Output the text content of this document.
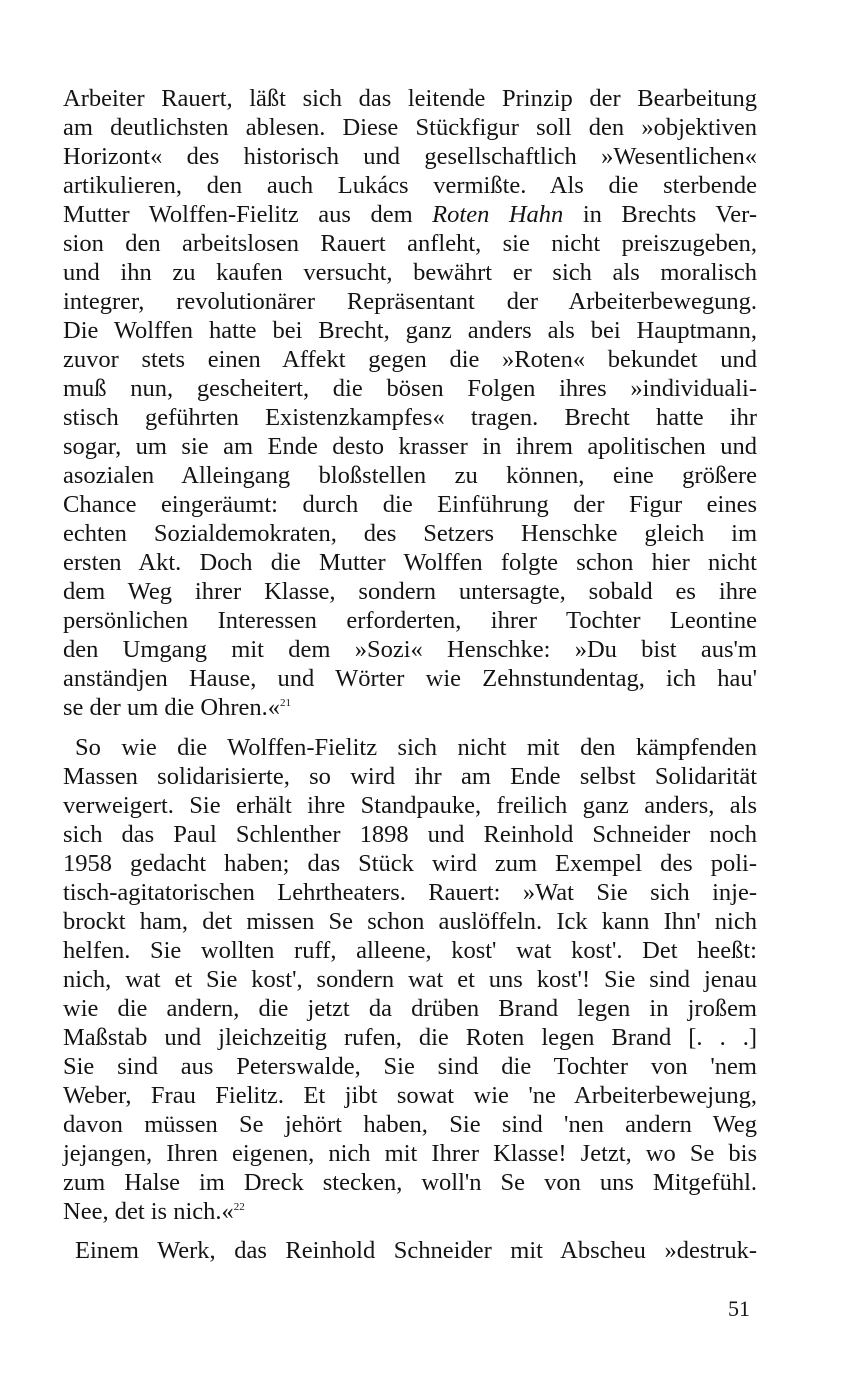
Arbeiter Rauert, läßt sich das leitende Prinzip der Bearbeitung
am deutlichsten ablesen. Diese Stückfigur soll den »objektiven
Horizont« des historisch und gesellschaftlich »Wesentlichen«
artikulieren, den auch Lukács vermißte. Als die sterbende
Mutter Wolffen-Fielitz aus dem Roten Hahn in Brechts Ver-
sion den arbeitslosen Rauert anfleht, sie nicht preiszugeben,
und ihn zu kaufen versucht, bewährt er sich als moralisch
integrer, revolutionärer Repräsentant der Arbeiterbewegung.
Die Wolffen hatte bei Brecht, ganz anders als bei Hauptmann,
zuvor stets einen Affekt gegen die »Roten« bekundet und
muß nun, gescheitert, die bösen Folgen ihres »individuali-
stisch geführten Existenzkampfes« tragen. Brecht hatte ihr
sogar, um sie am Ende desto krasser in ihrem apolitischen und
asozialen Alleingang bloßstellen zu können, eine größere
Chance eingeräumt: durch die Einführung der Figur eines
echten Sozialdemokraten, des Setzers Henschke gleich im
ersten Akt. Doch die Mutter Wolffen folgte schon hier nicht
dem Weg ihrer Klasse, sondern untersagte, sobald es ihre
persönlichen Interessen erforderten, ihrer Tochter Leontine
den Umgang mit dem »Sozi« Henschke: »Du bist aus'm
anständjen Hause, und Wörter wie Zehnstundentag, ich hau'
se der um die Ohren.«$^{21}$
So wie die Wolffen-Fielitz sich nicht mit den kämpfenden
Massen solidarisierte, so wird ihr am Ende selbst Solidarität
verweigert. Sie erhält ihre Standpauke, freilich ganz anders, als
sich das Paul Schlenther 1898 und Reinhold Schneider noch
1958 gedacht haben; das Stück wird zum Exempel des poli-
tisch-agitatorischen Lehrtheaters. Rauert: »Wat Sie sich inje-
brockt ham, det missen Se schon auslöffeln. Ick kann Ihn' nich
helfen. Sie wollten ruff, alleene, kost' wat kost'. Det heeßt:
nich, wat et Sie kost', sondern wat et uns kost'! Sie sind jenau
wie die andern, die jetzt da drüben Brand legen in jroßem
Maßstab und jleichzeitig rufen, die Roten legen Brand [. . .]
Sie sind aus Peterswalde, Sie sind die Tochter von 'nem
Weber, Frau Fielitz. Et jibt sowat wie 'ne Arbeiterbewejung,
davon müssen Se jehört haben, Sie sind 'nen andern Weg
jejangen, Ihren eigenen, nich mit Ihrer Klasse! Jetzt, wo Se bis
zum Halse im Dreck stecken, woll'n Se von uns Mitgefühl.
Nee, det is nich.«$^{22}$
Einem Werk, das Reinhold Schneider mit Abscheu »destruk-
51
